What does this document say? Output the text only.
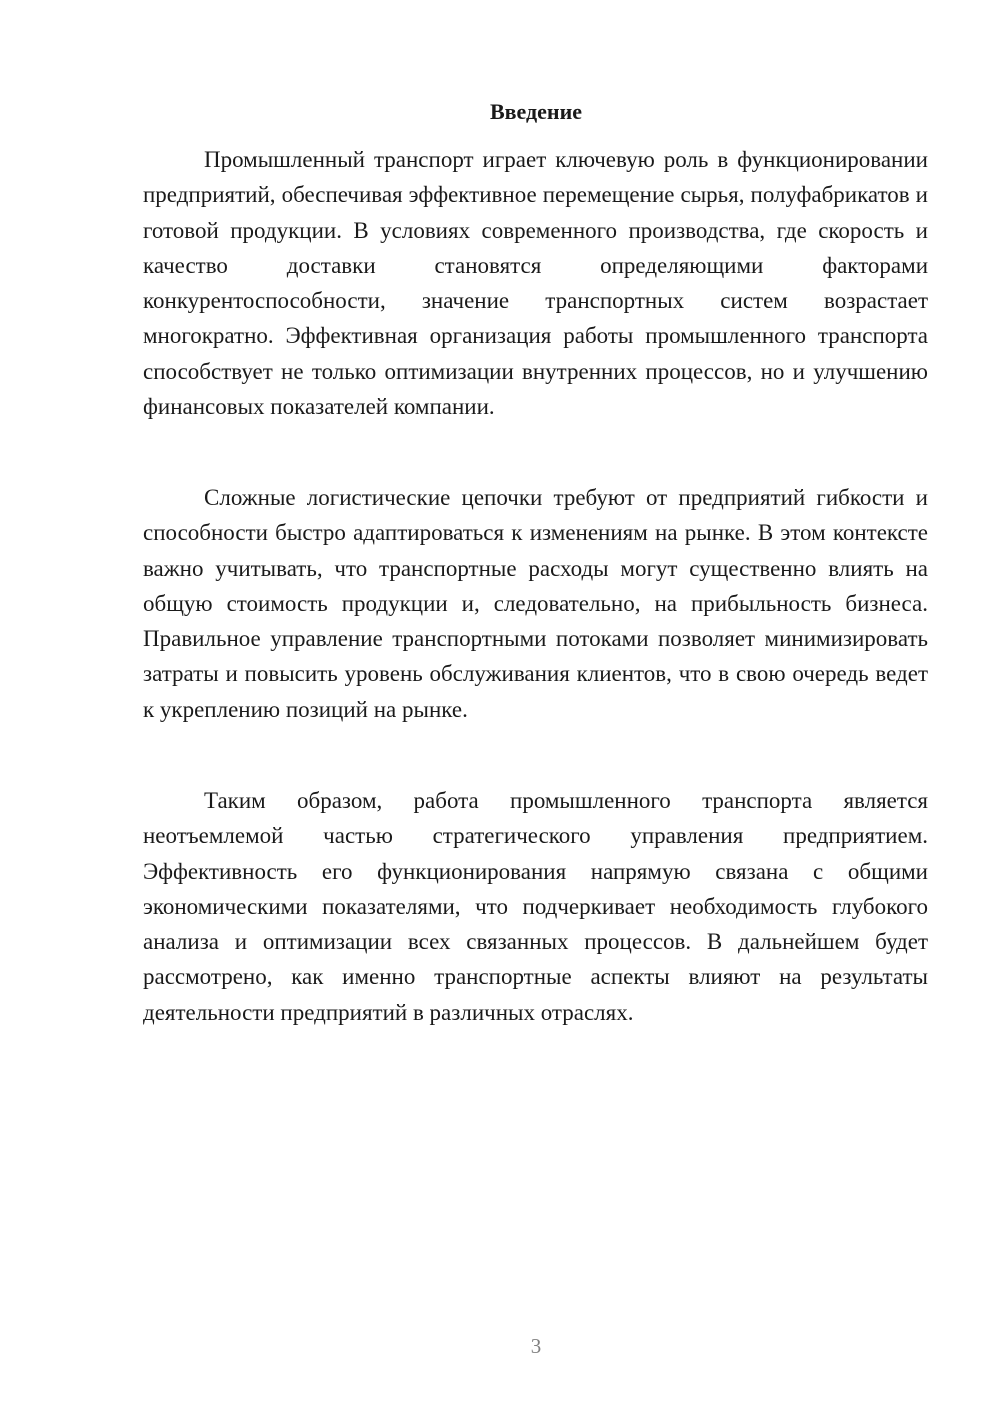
Введение

Промышленный транспорт играет ключевую роль в функционировании предприятий, обеспечивая эффективное перемещение сырья, полуфабрикатов и готовой продукции. В условиях современного производства, где скорость и качество доставки становятся определяющими факторами конкурентоспособности, значение транспортных систем возрастает многократно. Эффективная организация работы промышленного транспорта способствует не только оптимизации внутренних процессов, но и улучшению финансовых показателей компании.

Сложные логистические цепочки требуют от предприятий гибкости и способности быстро адаптироваться к изменениям на рынке. В этом контексте важно учитывать, что транспортные расходы могут существенно влиять на общую стоимость продукции и, следовательно, на прибыльность бизнеса. Правильное управление транспортными потоками позволяет минимизировать затраты и повысить уровень обслуживания клиентов, что в свою очередь ведет к укреплению позиций на рынке.

Таким образом, работа промышленного транспорта является неотъемлемой частью стратегического управления предприятием. Эффективность его функционирования напрямую связана с общими экономическими показателями, что подчеркивает необходимость глубокого анализа и оптимизации всех связанных процессов. В дальнейшем будет рассмотрено, как именно транспортные аспекты влияют на результаты деятельности предприятий в различных отраслях.

3
